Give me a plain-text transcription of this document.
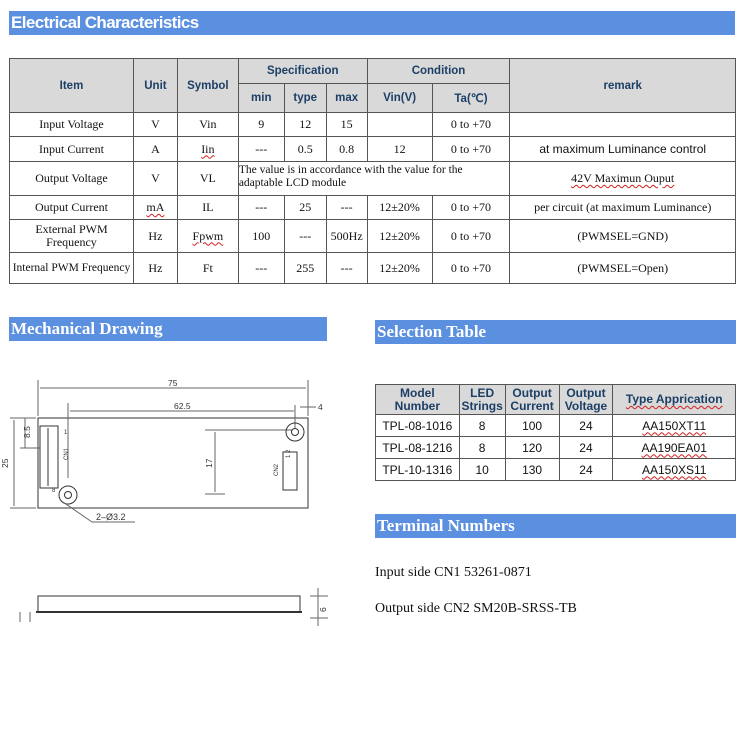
Electrical Characteristics
Item	Unit	Symbol	Specification			Condition		remark
			min	type	max	Vin(V)	Ta(℃)	
Input Voltage	V	Vin	9	12	15		0 to +70	
Input Current	A	Iin	---	0.5	0.8	12	0 to +70	at maximum Luminance control
Output Voltage	V	VL	The value is in accordance with the value for the adaptable LCD module					42V Maximun Ouput
Output Current	mA	IL	---	25	---	12±20%	0 to +70	per circuit (at maximum Luminance)
External PWM Frequency	Hz	Fpwm	100	---	500Hz	12±20%	0 to +70	(PWMSEL=GND)
Internal PWM Frequency	Hz	Ft	---	255	---	12±20%	0 to +70	(PWMSEL=Open)
Mechanical Drawing
75
62.5	4
25
8.5
17
2–Ø3.2
6
CN1
1
8
CN2
1 2
Selection Table
Model Number	LED Strings	Output Current	Output Voltage	Type Apprication
TPL-08-1016	8	100	24	AA150XT11
TPL-08-1216	8	120	24	AA190EA01
TPL-10-1316	10	130	24	AA150XS11
Terminal Numbers
Input side CN1 53261-0871
Output side CN2 SM20B-SRSS-TB
